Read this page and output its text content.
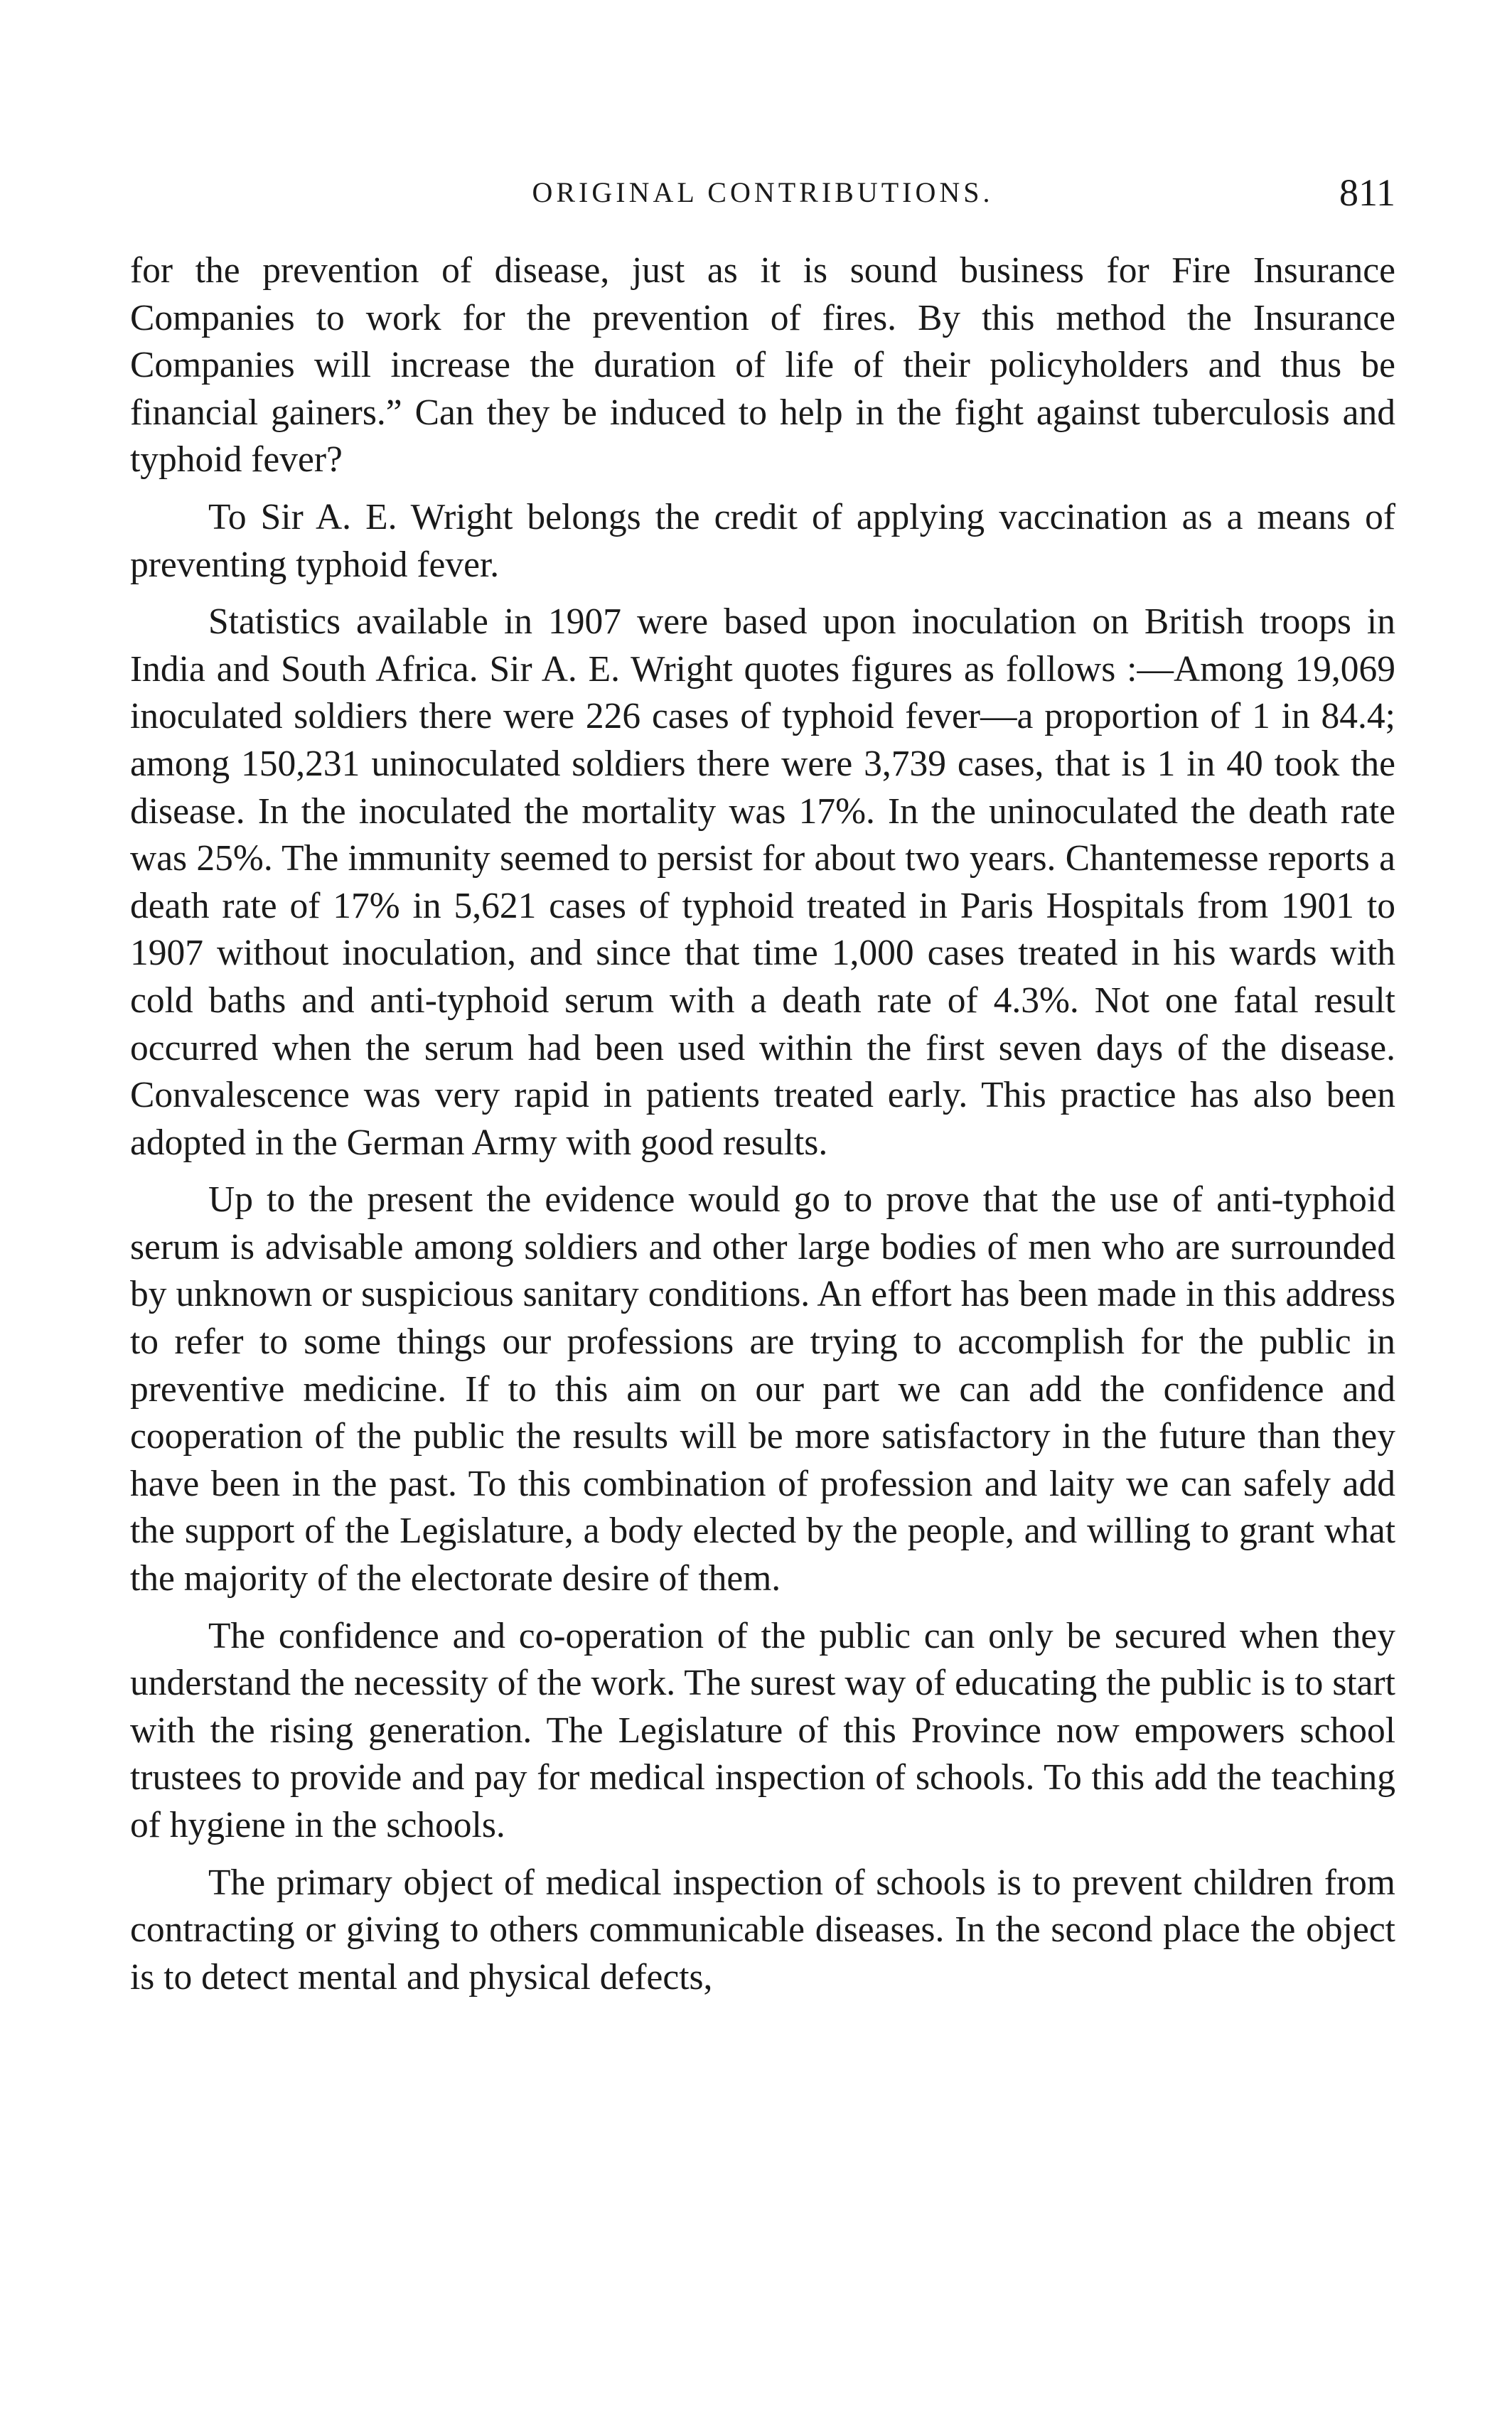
ORIGINAL CONTRIBUTIONS.	811

for the prevention of disease, just as it is sound business for Fire Insurance Companies to work for the prevention of fires. By this method the Insurance Companies will increase the duration of life of their policyholders and thus be financial gainers.” Can they be induced to help in the fight against tuberculosis and typhoid fever?

To Sir A. E. Wright belongs the credit of applying vaccination as a means of preventing typhoid fever.

Statistics available in 1907 were based upon inoculation on British troops in India and South Africa. Sir A. E. Wright quotes figures as follows :—Among 19,069 inoculated soldiers there were 226 cases of typhoid fever—a proportion of 1 in 84.4; among 150,231 uninoculated soldiers there were 3,739 cases, that is 1 in 40 took the disease. In the inoculated the mortality was 17%. In the uninoculated the death rate was 25%. The immunity seemed to persist for about two years. Chantemesse reports a death rate of 17% in 5,621 cases of typhoid treated in Paris Hospitals from 1901 to 1907 without inoculation, and since that time 1,000 cases treated in his wards with cold baths and anti-typhoid serum with a death rate of 4.3%. Not one fatal result occurred when the serum had been used within the first seven days of the disease. Convalescence was very rapid in patients treated early. This practice has also been adopted in the German Army with good results.

Up to the present the evidence would go to prove that the use of anti-typhoid serum is advisable among soldiers and other large bodies of men who are surrounded by unknown or suspicious sanitary conditions. An effort has been made in this address to refer to some things our professions are trying to accomplish for the public in preventive medicine. If to this aim on our part we can add the confidence and cooperation of the public the results will be more satisfactory in the future than they have been in the past. To this combination of profession and laity we can safely add the support of the Legislature, a body elected by the people, and willing to grant what the majority of the electorate desire of them.

The confidence and co-operation of the public can only be secured when they understand the necessity of the work. The surest way of educating the public is to start with the rising generation. The Legislature of this Province now empowers school trustees to provide and pay for medical inspection of schools. To this add the teaching of hygiene in the schools.

The primary object of medical inspection of schools is to prevent children from contracting or giving to others communicable diseases. In the second place the object is to detect mental and physical defects,
